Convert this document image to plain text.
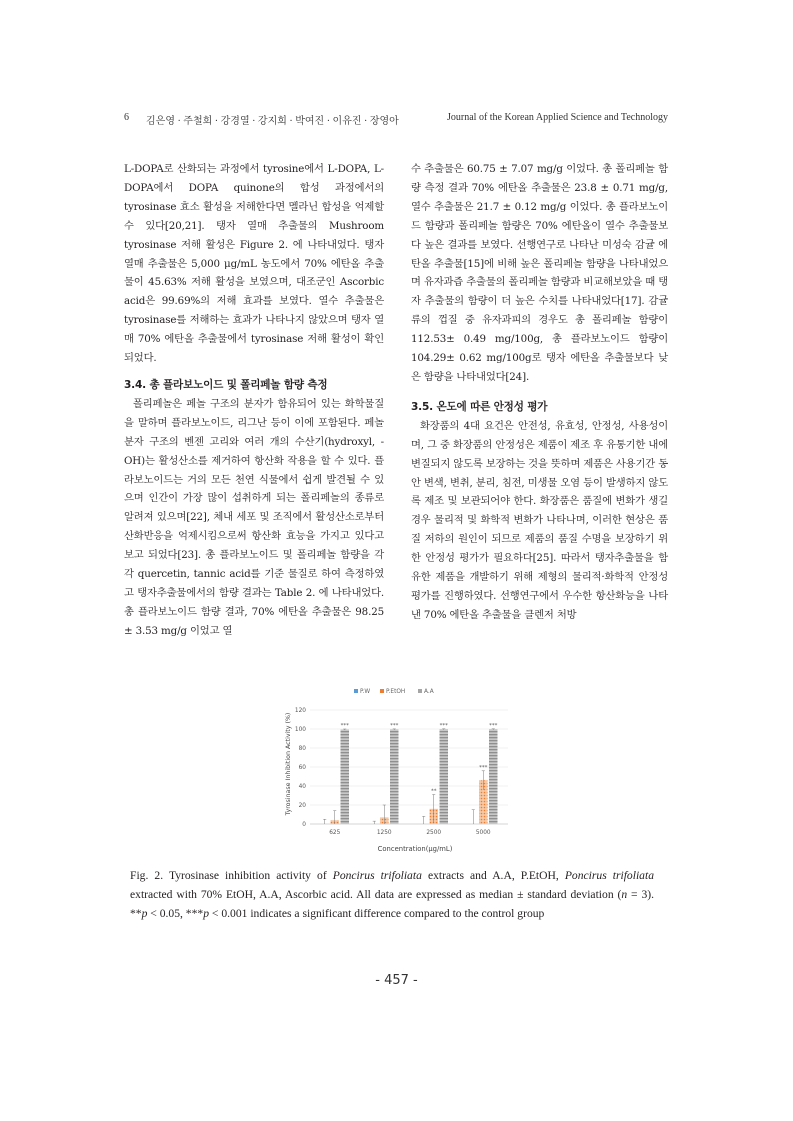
6 김은영 · 주철희 · 강경열 · 강지희 · 박여진 · 이유진 · 장영아	Journal of the Korean Applied Science and Technology

L-DOPA로 산화되는 과정에서 tyrosine에서 L-DOPA, L-DOPA에서 DOPA quinone의 합성 과정에서의 tyrosinase 효소 활성을 저해한다면 멜라닌 합성을 억제할 수 있다[20,21]. 탱자 열매 추출물의 Mushroom tyrosinase 저해 활성은 Figure 2. 에 나타내었다. 탱자 열매 추출물은 5,000 μg/mL 농도에서 70% 에탄올 추출물이 45.63% 저해 활성을 보였으며, 대조군인 Ascorbic acid은 99.69%의 저해 효과를 보였다. 열수 추출물은 tyrosinase를 저해하는 효과가 나타나지 않았으며 탱자 열매 70% 에탄올 추출물에서 tyrosinase 저해 활성이 확인 되었다.

3.4. 총 플라보노이드 및 폴리페놀 함량 측정

폴리페놀은 페놀 구조의 분자가 함유되어 있는 화학물질을 말하며 플라보노이드, 리그난 등이 이에 포함된다. 페놀 분자 구조의 벤젠 고리와 여러 개의 수산기(hydroxyl, -OH)는 활성산소를 제거하여 항산화 작용을 할 수 있다. 플라보노이드는 거의 모든 천연 식물에서 쉽게 발견될 수 있으며 인간이 가장 많이 섭취하게 되는 폴리페놀의 종류로 알려져 있으며[22], 체내 세포 및 조직에서 활성산소로부터 산화반응을 억제시킴으로써 항산화 효능을 가지고 있다고 보고 되었다[23]. 총 플라보노이드 및 폴리페놀 함량을 각각 quercetin, tannic acid를 기준 물질로 하여 측정하였고 탱자추출물에서의 함량 결과는 Table 2. 에 나타내었다. 총 플라보노이드 함량 결과, 70% 에탄올 추출물은 98.25 ± 3.53 mg/g 이었고 열

수 추출물은 60.75 ± 7.07 mg/g 이었다. 총 폴리페놀 함량 측정 결과 70% 에탄올 추출물은 23.8 ± 0.71 mg/g, 열수 추출물은 21.7 ± 0.12 mg/g 이었다. 총 플라보노이드 함량과 폴리페놀 함량은 70% 에탄올이 열수 추출물보다 높은 결과를 보였다. 선행연구로 나타난 미성숙 감귤 에탄올 추출물[15]에 비해 높은 폴리페놀 함량을 나타내었으며 유자과즙 추출물의 폴리페놀 함량과 비교해보았을 때 탱자 추출물의 함량이 더 높은 수치를 나타내었다[17]. 감귤류의 껍질 중 유자과피의 경우도 총 폴리페놀 함량이 112.53± 0.49 mg/100g, 총 플라보노이드 함량이 104.29± 0.62 mg/100g로 탱자 에탄올 추출물보다 낮은 함량을 나타내었다[24].

3.5. 온도에 따른 안정성 평가

화장품의 4대 요건은 안전성, 유효성, 안정성, 사용성이며, 그 중 화장품의 안정성은 제품이 제조 후 유통기한 내에 변질되지 않도록 보장하는 것을 뜻하며 제품은 사용기간 동안 변색, 변취, 분리, 침전, 미생물 오염 등이 발생하지 않도록 제조 및 보관되어야 한다. 화장품은 품질에 변화가 생길 경우 물리적 및 화학적 변화가 나타나며, 이러한 현상은 품질 저하의 원인이 되므로 제품의 품질 수명을 보장하기 위한 안정성 평가가 필요하다[25]. 따라서 탱자추출물을 함유한 제품을 개발하기 위해 제형의 물리적·화학적 안정성 평가를 진행하였다. 선행연구에서 우수한 항산화능을 나타낸 70% 에탄올 추출물을 클렌저 처방

P.W	P.EtOH	A.A
0
20
40
60
80
100
120
***	***
**
***
***
***
625	1250	2500	5000
Tyrosinase Inhibition Activity (%)
Concentration(μg/mL)
Fig. 2. Tyrosinase inhibition activity of Poncirus trifoliata extracts and A.A, P.EtOH, Poncirus trifoliata extracted with 70% EtOH, A.A, Ascorbic acid. All data are expressed as median ± standard deviation (n = 3). **p < 0.05, ***p < 0.001 indicates a significant difference compared to the control group
- 457 -
